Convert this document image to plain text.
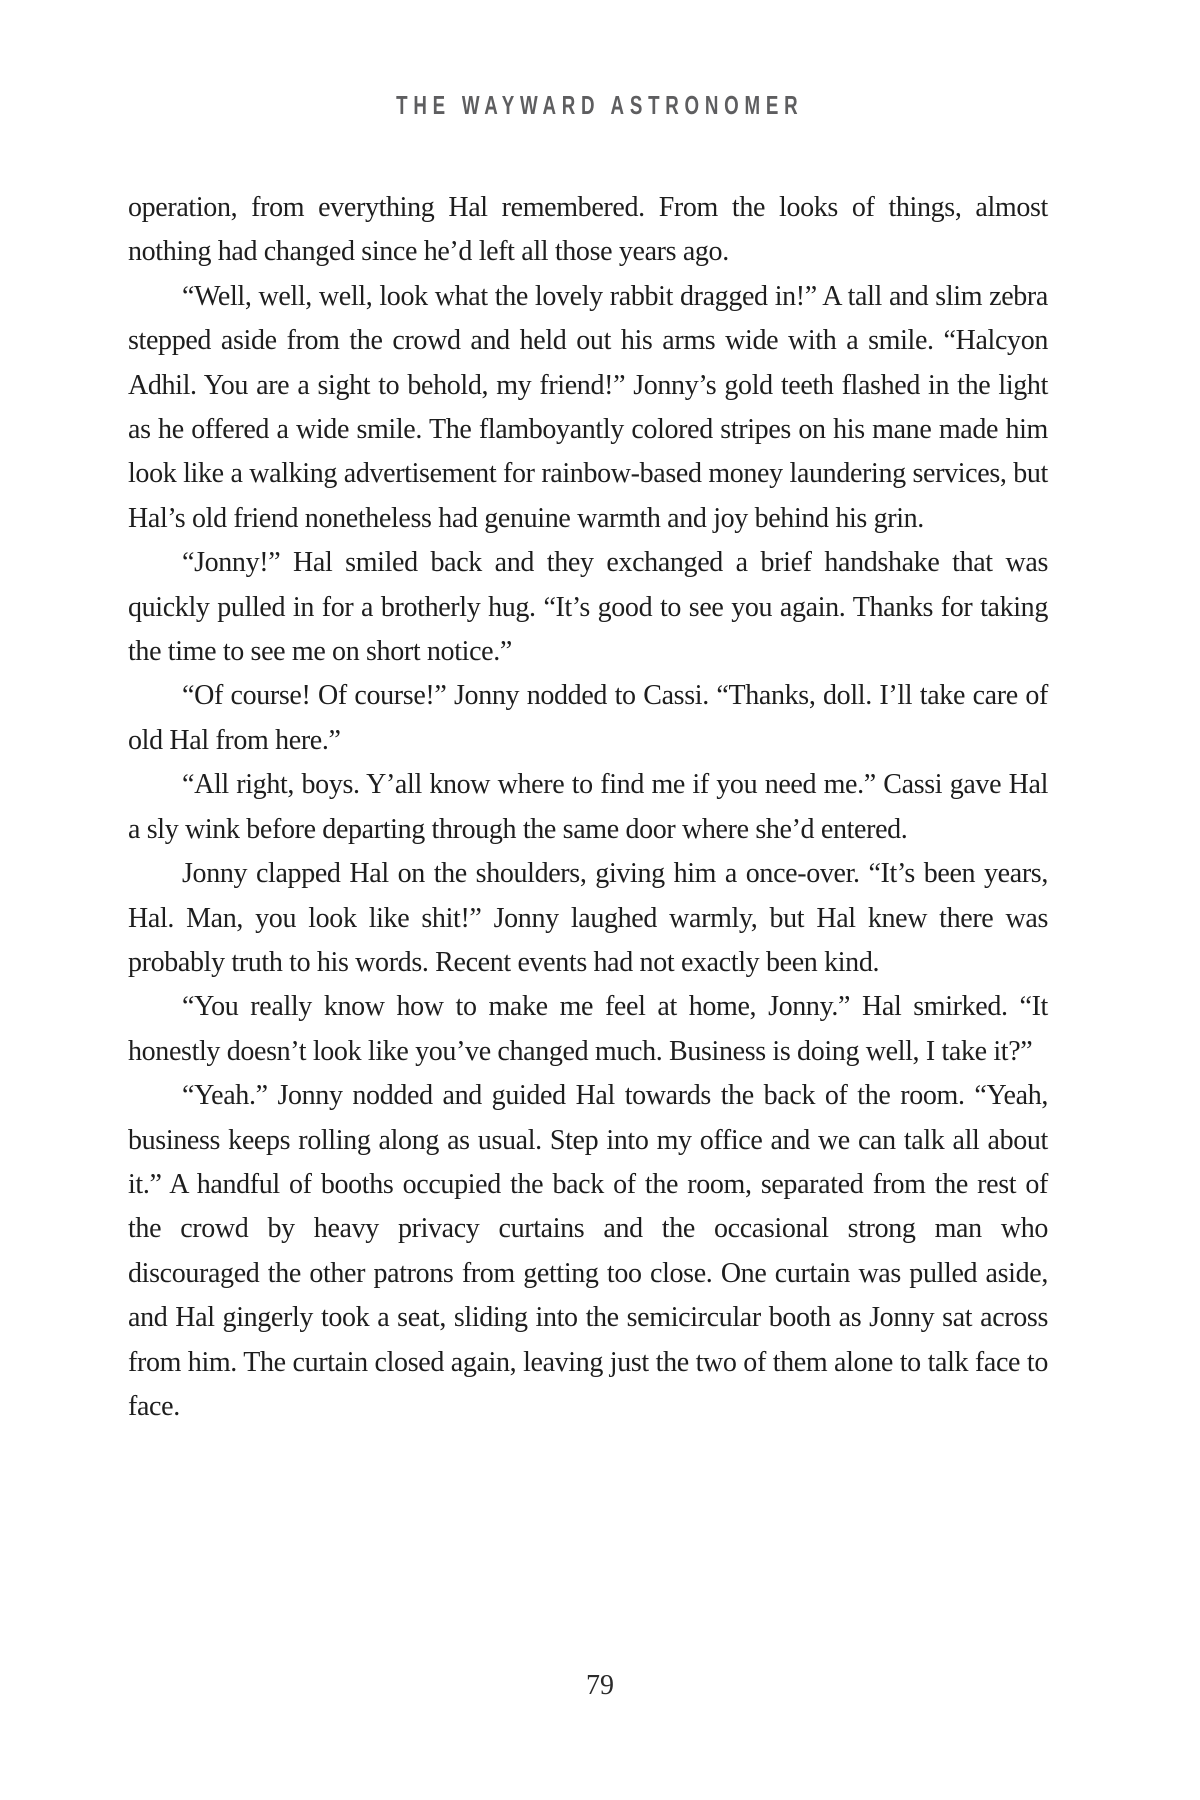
THE WAYWARD ASTRONOMER

operation, from everything Hal remembered. From the looks of things, almost nothing had changed since he’d left all those years ago.

“Well, well, well, look what the lovely rabbit dragged in!” A tall and slim zebra stepped aside from the crowd and held out his arms wide with a smile. “Halcyon Adhil. You are a sight to behold, my friend!” Jonny’s gold teeth flashed in the light as he offered a wide smile. The flamboyantly colored stripes on his mane made him look like a walking advertisement for rainbow-based money laundering services, but Hal’s old friend nonetheless had genuine warmth and joy behind his grin.

“Jonny!” Hal smiled back and they exchanged a brief handshake that was quickly pulled in for a brotherly hug. “It’s good to see you again. Thanks for taking the time to see me on short notice.”

“Of course! Of course!” Jonny nodded to Cassi. “Thanks, doll. I’ll take care of old Hal from here.”

“All right, boys. Y’all know where to find me if you need me.” Cassi gave Hal a sly wink before departing through the same door where she’d entered.

Jonny clapped Hal on the shoulders, giving him a once-over. “It’s been years, Hal. Man, you look like shit!” Jonny laughed warmly, but Hal knew there was probably truth to his words. Recent events had not exactly been kind.

“You really know how to make me feel at home, Jonny.” Hal smirked. “It honestly doesn’t look like you’ve changed much. Business is doing well, I take it?”

“Yeah.” Jonny nodded and guided Hal towards the back of the room. “Yeah, business keeps rolling along as usual. Step into my office and we can talk all about it.” A handful of booths occupied the back of the room, separated from the rest of the crowd by heavy privacy curtains and the occasional strong man who discouraged the other patrons from getting too close. One curtain was pulled aside, and Hal gingerly took a seat, sliding into the semicircular booth as Jonny sat across from him. The curtain closed again, leaving just the two of them alone to talk face to face.

79
